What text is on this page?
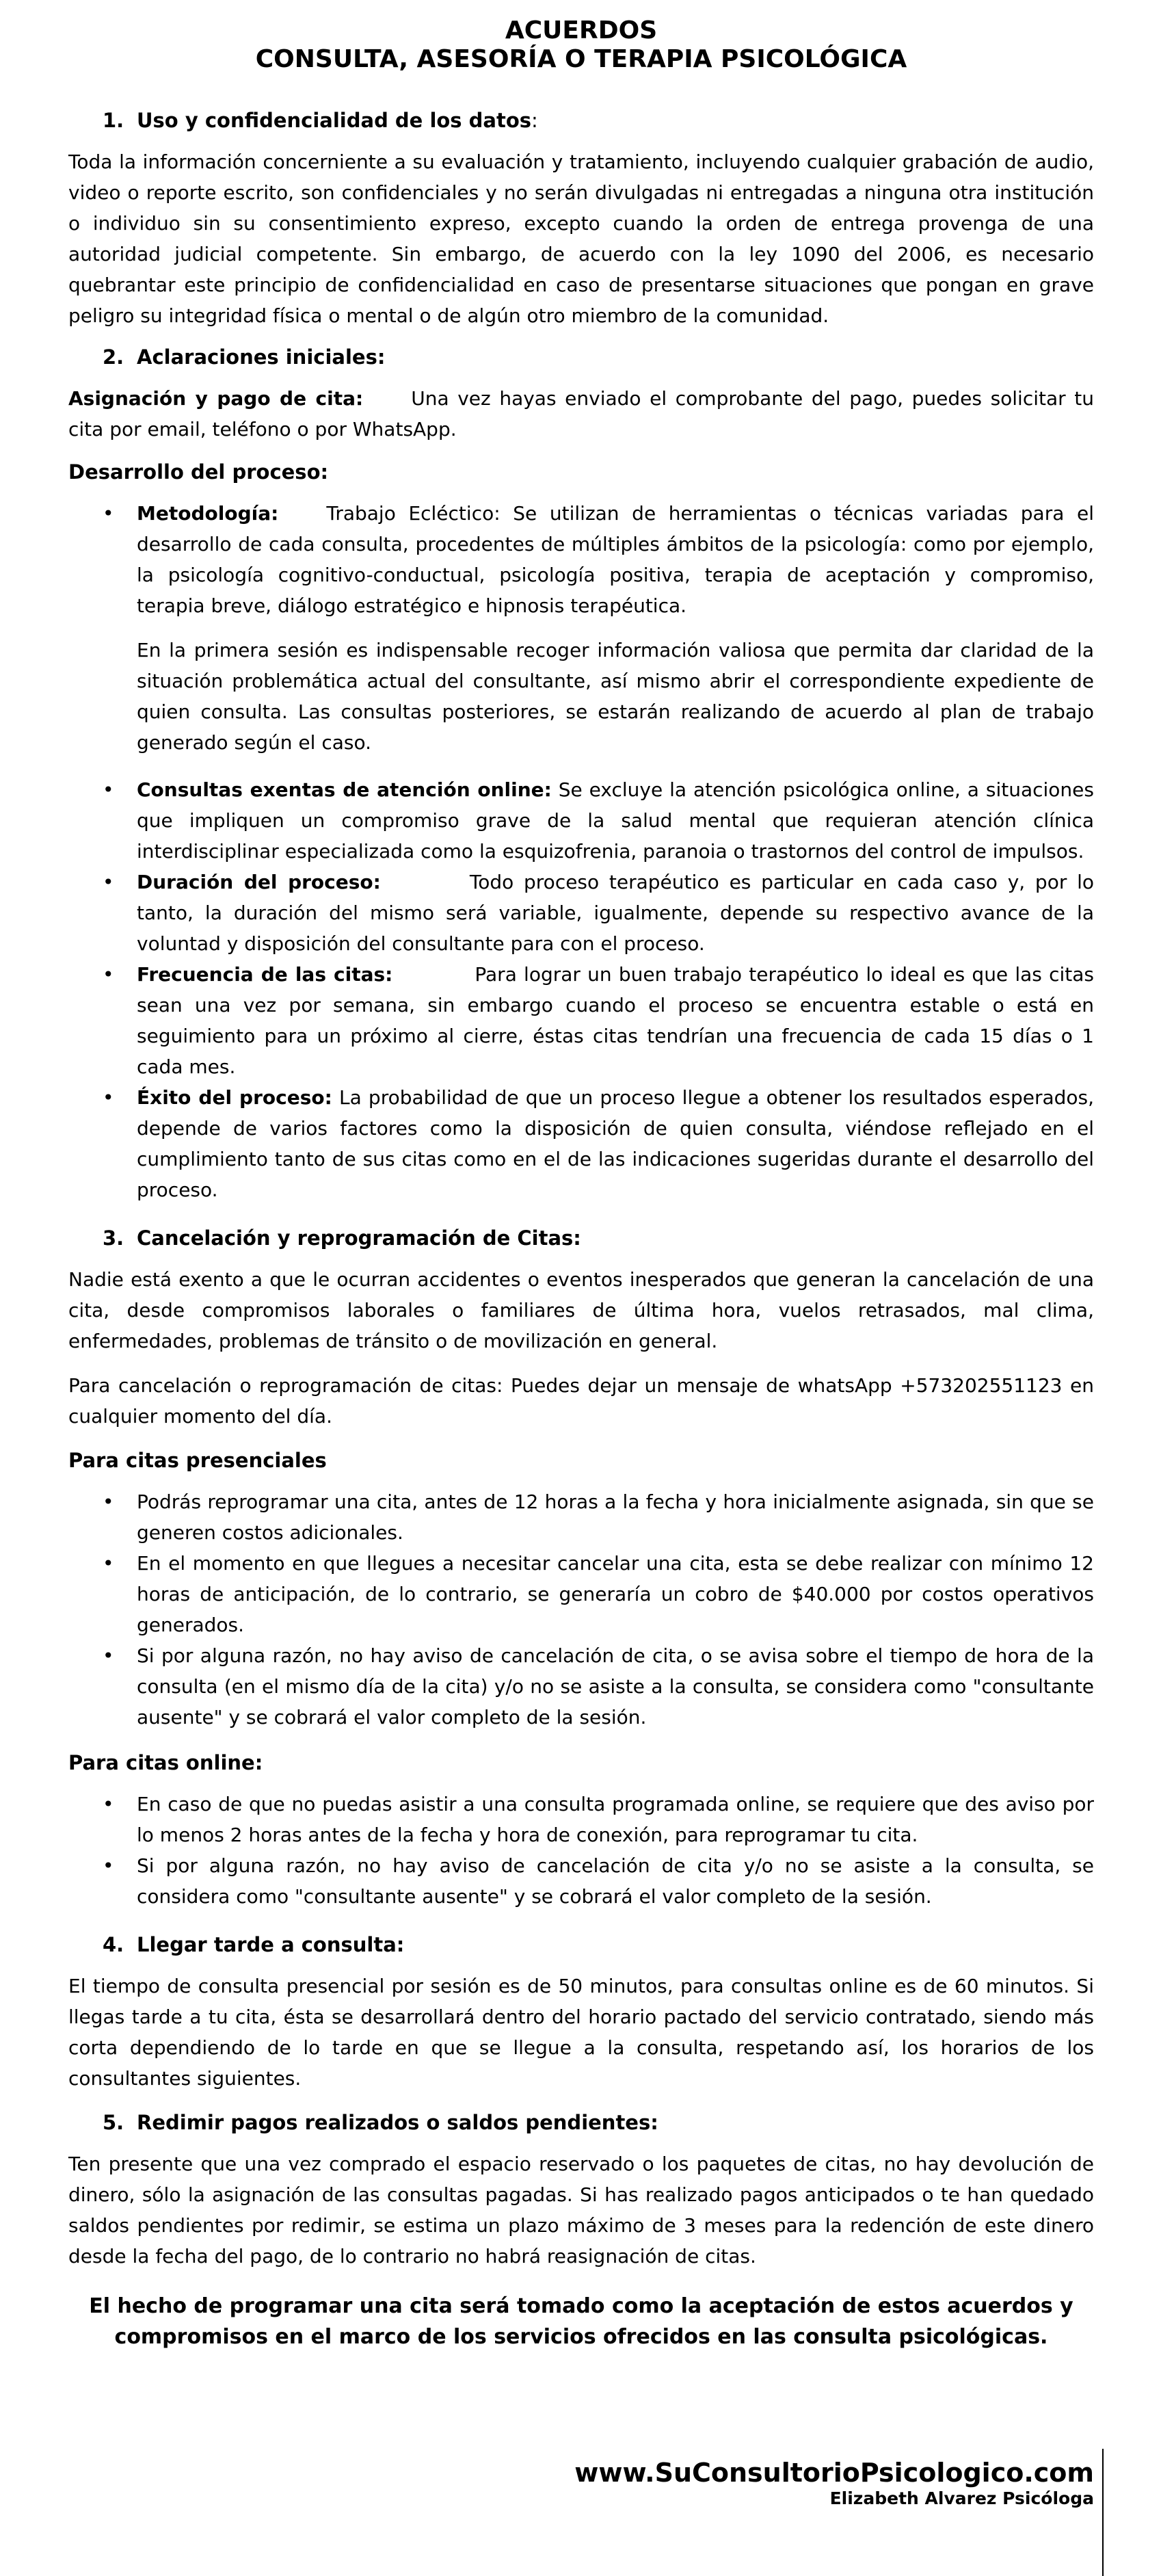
ACUERDOS
CONSULTA, ASESORÍA O TERAPIA PSICOLÓGICA
1. Uso y confidencialidad de los datos:

Toda la información concerniente a su evaluación y tratamiento, incluyendo cualquier grabación de audio, video o reporte escrito, son confidenciales y no serán divulgadas ni entregadas a ninguna otra institución o individuo sin su consentimiento expreso, excepto cuando la orden de entrega provenga de una autoridad judicial competente. Sin embargo, de acuerdo con la ley 1090 del 2006, es necesario quebrantar este principio de confidencialidad en caso de presentarse situaciones que pongan en grave peligro su integridad física o mental o de algún otro miembro de la comunidad.

2. Aclaraciones iniciales:

Asignación y pago de cita:	Una vez hayas enviado el comprobante del pago, puedes solicitar tu cita por email, teléfono o por WhatsApp.

Desarrollo del proceso:
• Metodología:	Trabajo Ecléctico: Se utilizan de herramientas o técnicas variadas para el desarrollo de cada consulta, procedentes de múltiples ámbitos de la psicología: como por ejemplo, la psicología cognitivo-conductual, psicología positiva, terapia de aceptación y compromiso, terapia breve, diálogo estratégico e hipnosis terapéutica.

En la primera sesión es indispensable recoger información valiosa que permita dar claridad de la situación problemática actual del consultante, así mismo abrir el correspondiente expediente de quien consulta. Las consultas posteriores, se estarán realizando de acuerdo al plan de trabajo generado según el caso.

• Consultas exentas de atención online: Se excluye la atención psicológica online, a situaciones que impliquen un compromiso grave de la salud mental que requieran atención clínica interdisciplinar especializada como la esquizofrenia, paranoia o trastornos del control de impulsos.
• Duración del proceso:	Todo proceso terapéutico es particular en cada caso y, por lo tanto, la duración del mismo será variable, igualmente, depende su respectivo avance de la voluntad y disposición del consultante para con el proceso.
• Frecuencia de las citas:	Para lograr un buen trabajo terapéutico lo ideal es que las citas sean una vez por semana, sin embargo cuando el proceso se encuentra estable o está en seguimiento para un próximo al cierre, éstas citas tendrían una frecuencia de cada 15 días o 1 cada mes.
• Éxito del proceso: La probabilidad de que un proceso llegue a obtener los resultados esperados, depende de varios factores como la disposición de quien consulta, viéndose reflejado en el cumplimiento tanto de sus citas como en el de las indicaciones sugeridas durante el desarrollo del proceso.
3. Cancelación y reprogramación de Citas:

Nadie está exento a que le ocurran accidentes o eventos inesperados que generan la cancelación de una cita, desde compromisos laborales o familiares de última hora, vuelos retrasados, mal clima, enfermedades, problemas de tránsito o de movilización en general.

Para cancelación o reprogramación de citas: Puedes dejar un mensaje de whatsApp +573202551123 en cualquier momento del día.

Para citas presenciales
• Podrás reprogramar una cita, antes de 12 horas a la fecha y hora inicialmente asignada, sin que se generen costos adicionales.
• En el momento en que llegues a necesitar cancelar una cita, esta se debe realizar con mínimo 12 horas de anticipación, de lo contrario, se generaría un cobro de $40.000 por costos operativos generados.
• Si por alguna razón, no hay aviso de cancelación de cita, o se avisa sobre el tiempo de hora de la consulta (en el mismo día de la cita) y/o no se asiste a la consulta, se considera como "consultante ausente" y se cobrará el valor completo de la sesión.
Para citas online:
• En caso de que no puedas asistir a una consulta programada online, se requiere que des aviso por lo menos 2 horas antes de la fecha y hora de conexión, para reprogramar tu cita.
• Si por alguna razón, no hay aviso de cancelación de cita y/o no se asiste a la consulta, se considera como "consultante ausente" y se cobrará el valor completo de la sesión.
4. Llegar tarde a consulta:

El tiempo de consulta presencial por sesión es de 50 minutos, para consultas online es de 60 minutos. Si llegas tarde a tu cita, ésta se desarrollará dentro del horario pactado del servicio contratado, siendo más corta dependiendo de lo tarde en que se llegue a la consulta, respetando así, los horarios de los consultantes siguientes.

5. Redimir pagos realizados o saldos pendientes:

Ten presente que una vez comprado el espacio reservado o los paquetes de citas, no hay devolución de dinero, sólo la asignación de las consultas pagadas. Si has realizado pagos anticipados o te han quedado saldos pendientes por redimir, se estima un plazo máximo de 3 meses para la redención de este dinero desde la fecha del pago, de lo contrario no habrá reasignación de citas.

El hecho de programar una cita será tomado como la aceptación de estos acuerdos y
compromisos en el marco de los servicios ofrecidos en las consulta psicológicas.
www.SuConsultorioPsicologico.com
Elizabeth Alvarez Psicóloga
